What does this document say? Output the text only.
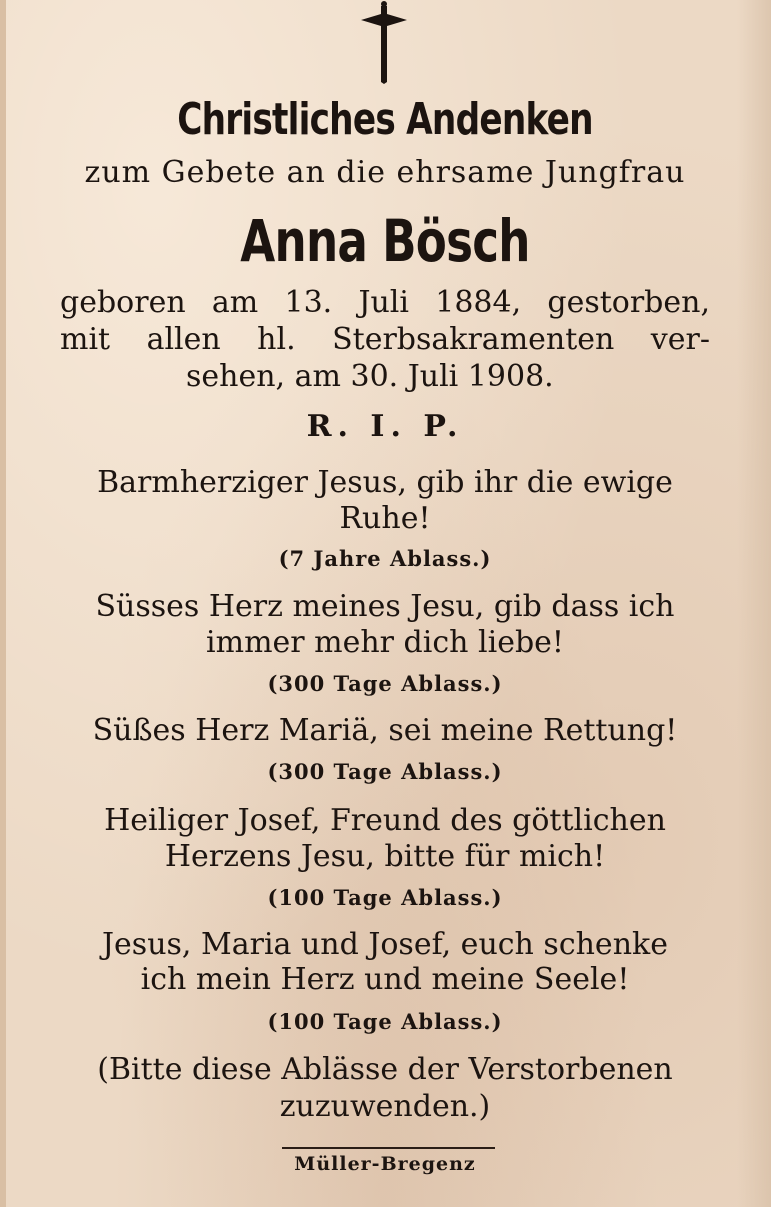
Christliches Andenken

zum Gebete an die ehrsame Jungfrau

Anna Bösch

geboren am 13. Juli 1884, gestorben,

mit allen hl. Sterbsakramenten ver-

sehen, am 30. Juli 1908.

R. I. P.

Barmherziger Jesus, gib ihr die ewige

Ruhe!

(7 Jahre Ablass.)

Süsses Herz meines Jesu, gib dass ich

immer mehr dich liebe!

(300 Tage Ablass.)

Süßes Herz Mariä, sei meine Rettung!

(300 Tage Ablass.)

Heiliger Josef, Freund des göttlichen

Herzens Jesu, bitte für mich!

(100 Tage Ablass.)

Jesus, Maria und Josef, euch schenke

ich mein Herz und meine Seele!

(100 Tage Ablass.)

(Bitte diese Ablässe der Verstorbenen

zuzuwenden.)

Müller-Bregenz
